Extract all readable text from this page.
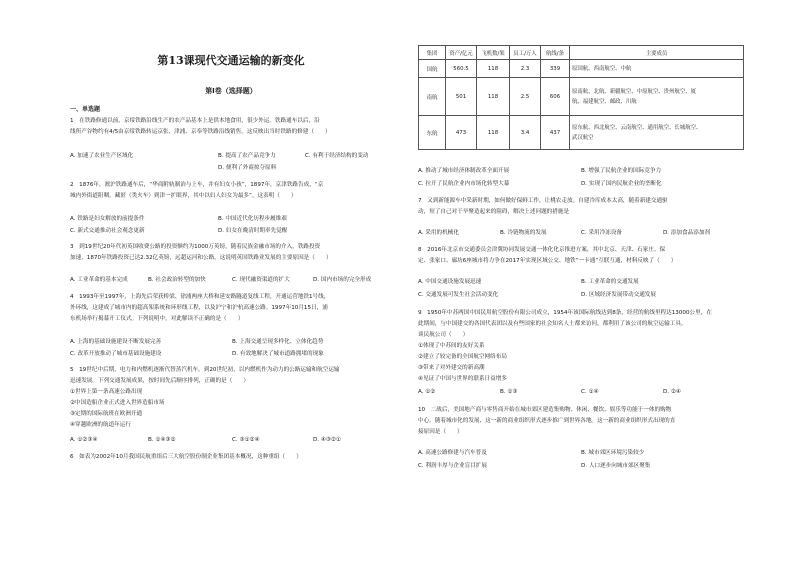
第13课现代交通运输的新变化
第I卷（选择题）
一、单选题
1　在铁路修通以前，京绥铁路沿线生产的农产品基本上是供本地食用，很少外运。铁路通车以后，沿
线所产谷物约有4/5由京绥铁路转运京张、津浦、京奉等铁路沿线销售。这反映出当时铁路的修建（　　）
A. 加速了农业生产区域化	B. 提高了农产品竞争力	C. 有利于经济结构的变动
D. 便利了外商掠夺原料
2　1876年，淞沪铁路通车后，“华商附轨制治与上车，并有妇女小孩”，1897年，京津铁路告成，“京
城内外街道阻咽，藏匿（类火车）到津一扩眼界，其中以妇人妇女为最多”。这表明（　　）
A. 铁路是妇女解放的前提条件	B. 中国近代化历程步履维艰
C. 新式交通推动社会观念更新	D. 妇女在晚清时期率先觉醒
3　到19世纪20年代初英国收费公路的投资额约为1000万英镑，随着民族金融市场的介入，铁路投资
加速，1870年铁路投资已达2.32亿英镑，远超运河和公路，这说明英国铁路业发展的主要原因是（　　）
A. 工业革命的基本完成	B. 社会政治转型的加快	C. 现代融资渠道的扩大	D. 国内市场的完全形成
4　1993年至1997年，上海先后荣获桥梁、徐浦两座大桥和延安路隧道复线工程，开通运营地铁1号线，
外环线，这建成了城市内的超高架系统和环形线工程，以及沪宁和沪杭高速公路。1997年10月15日，浦
东机场举行揭幕开工仪式。下列说明中，对此解读不正确的是（　　）
A. 上海的基础设施建设不断发展完善	B. 上海交通呈现多样化、立体化趋势
C. 改革开放推动了城市基础设施建设	D. 有效地解决了城市道路拥堵的现象
5　19世纪中后期，电力和内燃机逐渐代替蒸汽机车。到20世纪初，以内燃机作为动力的公路运输和航空运输
迅速发展。下列交通发展成果，按时间先后顺序排列，正确的是（　　）
①世界上第一条高速公路出现
②中国造船企业正式进入世界造船市场
③定期的国际航班在欧洲开通
④穿越欧洲的航道年运行
A. ①②③④	B. ①④③②	C. ③①②④	D. ④③②①
6　如表为2002年10月我国民航重组后三大航空股份制企业集团基本概况，这种重组（　　）
集团	资产/亿元	飞机数/架	员工/万人	航线/条	主要成员
国航	560.5	118	2.3	339	原国航、西南航空、中航
南航	501	118	2.5	606	原南航、北航、新疆航空、中原航空、贵州航空、厦
航、福建航空、邮政、川航

东航	473	118	3.4	437	原东航、西北航空、云南航空、通用航空、长城航空、
武汉航空
A. 推动了城市经济体制改革全面开展	B. 增强了民航企业的国际竞争力
C. 拉开了民航企业内市场化转型大幕	D. 实现了国内民航企业的垄断化
7　又到新能源车中采新时期，如何做好保鲜工作，让桃农走放。自建冷库成本太高，随着新建交通驱
动，短了自己对干旱聚造起来的阻碍，解决上述问题的措施是
A. 采用的机械化	B. 冷链物流的发展	C. 采用冷冻设备	D. 添加食品添加剂
8　2016年北京市交通委员会津冀协同发展交通一体化化京推进方案，其中北京、天津、石家庄、保
定、张家口、廊坊6座城市将力争在2017年实现区域公交、地铁“一卡通”互联互通，材料反映了（　　）
A. 中国交通设施发展迅速	B. 工业革命的交通发展
C. 交通发展可发生社会活动变化	D. 区域经济发展带动交通发展
9　1950年中苏两国中国民用航空股份有限公司成立，1954年该国际航线达到8条，经营的航线里程达13000公里，在
此期间，与中国建交的各国代表团以及有些国家的社会知名人士都来访问，都利用了该公司的航空运输工具。
谈民航公司（　　）
①体现了中苏间的友好关系
②建立了较完备的全国航空网络布局
③带来了对外建交的新高潮
④见证了中国与世界的联系日益增多
A. ①②	B. ①③	C. ①④	D. ②④
10　二战后，美国地产商与零售商开始在城市郊区建造集购物、休闲、餐饮、娱乐等功能于一体的购物
中心。随着城市化的发展，这一新的商业组织形式逐步推广到世界各地。这一新的商业组织形式出现的直
接原因是（　　）
A. 高速公路修建与汽车普及	B. 城市郊区环境污染较少
C. 利润丰厚与企业盲目扩展	D. 人口逐步向城市郊区聚集
